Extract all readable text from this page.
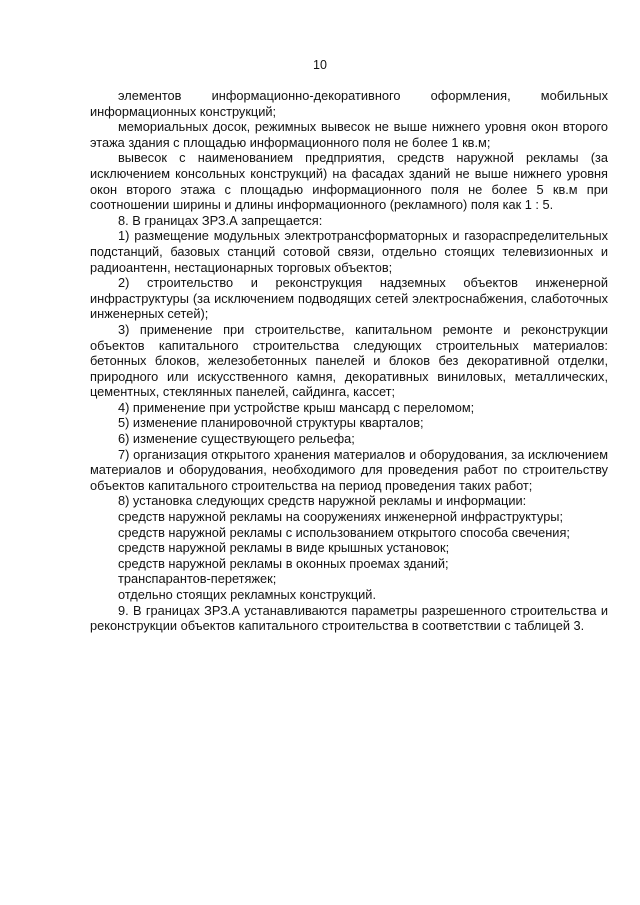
10

элементов информационно-декоративного оформления, мобильных информационных конструкций;

мемориальных досок, режимных вывесок не выше нижнего уровня окон второго этажа здания с площадью информационного поля не более 1 кв.м;

вывесок с наименованием предприятия, средств наружной рекламы (за исключением консольных конструкций) на фасадах зданий не выше нижнего уровня окон второго этажа с площадью информационного поля не более 5 кв.м при соотношении ширины и длины информационного (рекламного) поля как 1 : 5.

8. В границах ЗРЗ.А запрещается:

1) размещение модульных электротрансформаторных и газораспределительных подстанций, базовых станций сотовой связи, отдельно стоящих телевизионных и радиоантенн, нестационарных торговых объектов;

2) строительство и реконструкция надземных объектов инженерной инфраструктуры (за исключением подводящих сетей электроснабжения, слаботочных инженерных сетей);

3) применение при строительстве, капитальном ремонте и реконструкции объектов капитального строительства следующих строительных материалов: бетонных блоков, железобетонных панелей и блоков без декоративной отделки, природного или искусственного камня, декоративных виниловых, металлических, цементных, стеклянных панелей, сайдинга, кассет;

4) применение при устройстве крыш мансард с переломом;

5) изменение планировочной структуры кварталов;

6) изменение существующего рельефа;

7) организация открытого хранения материалов и оборудования, за исключением материалов и оборудования, необходимого для проведения работ по строительству объектов капитального строительства на период проведения таких работ;

8) установка следующих средств наружной рекламы и информации:

средств наружной рекламы на сооружениях инженерной инфраструктуры;

средств наружной рекламы с использованием открытого способа свечения;

средств наружной рекламы в виде крышных установок;

средств наружной рекламы в оконных проемах зданий;

транспарантов-перетяжек;

отдельно стоящих рекламных конструкций.

9. В границах ЗРЗ.А устанавливаются параметры разрешенного строительства и реконструкции объектов капитального строительства в соответствии с таблицей 3.
